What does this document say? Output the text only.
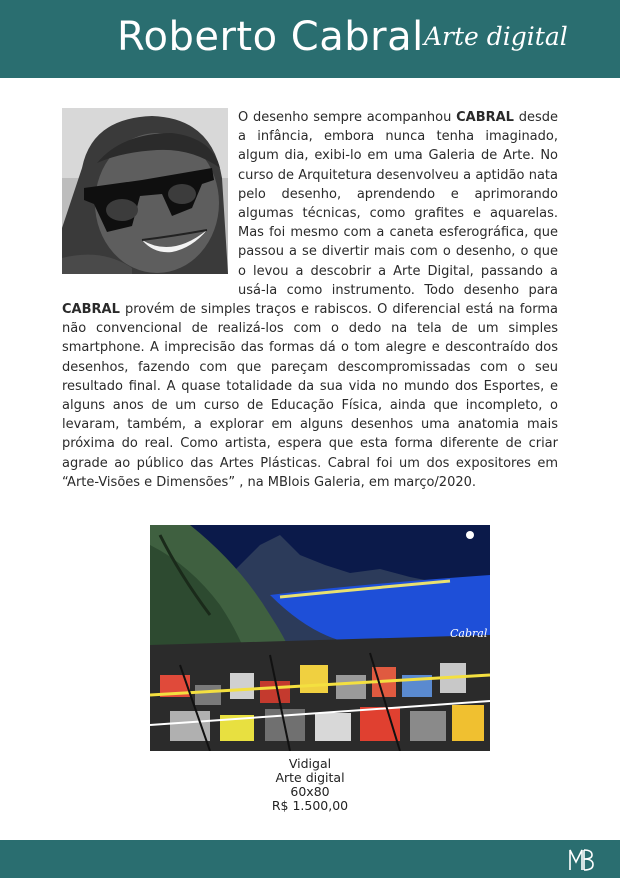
Roberto Cabral Arte digital

O desenho sempre acompanhou CABRAL desde a infância, embora nunca tenha imaginado, algum dia, exibi-lo em uma Galeria de Arte. No curso de Arquitetura desenvolveu a aptidão nata pelo desenho, aprendendo e aprimorando algumas técnicas, como grafites e aquarelas. Mas foi mesmo com a caneta esferográfica, que passou a se divertir mais com o desenho, o que o levou a descobrir a Arte Digital, passando a usá-la como instrumento. Todo desenho para CABRAL provém de simples traços e rabiscos. O diferencial está na forma não convencional de realizá-los com o dedo na tela de um simples smartphone. A imprecisão das formas dá o tom alegre e descontraído dos desenhos, fazendo com que pareçam descompromissadas com o seu resultado final. A quase totalidade da sua vida no mundo dos Esportes, e alguns anos de um curso de Educação Física, ainda que incompleto, o levaram, também, a explorar em alguns desenhos uma anatomia mais próxima do real. Como artista, espera que esta forma diferente de criar agrade ao público das Artes Plásticas. Cabral foi um dos expositores em “Arte-Visões e Dimensões” , na MBlois Galeria, em março/2020.

Cabral
Vidigal
Arte digital
60x80
R$ 1.500,00
MB
